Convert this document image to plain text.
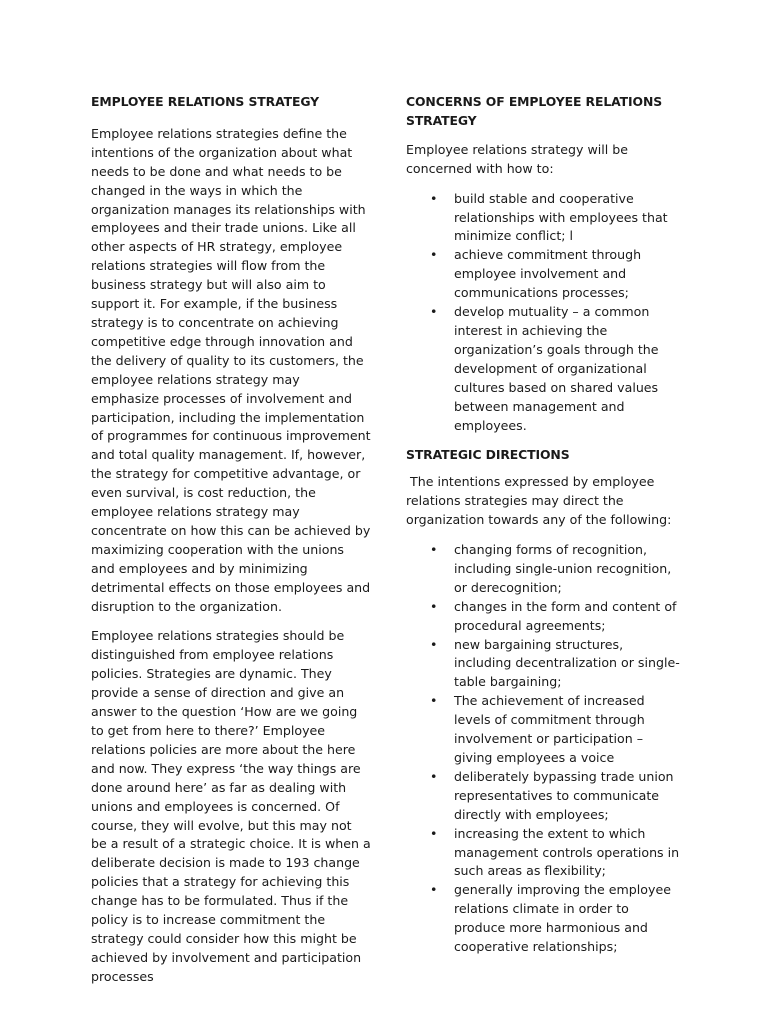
EMPLOYEE RELATIONS STRATEGY

Employee relations strategies define the intentions of the organization about what needs to be done and what needs to be changed in the ways in which the organization manages its relationships with employees and their trade unions. Like all other aspects of HR strategy, employee relations strategies will flow from the business strategy but will also aim to support it. For example, if the business strategy is to concentrate on achieving competitive edge through innovation and the delivery of quality to its customers, the employee relations strategy may emphasize processes of involvement and participation, including the implementation of programmes for continuous improvement and total quality management. If, however, the strategy for competitive advantage, or even survival, is cost reduction, the employee relations strategy may concentrate on how this can be achieved by maximizing cooperation with the unions and employees and by minimizing detrimental effects on those employees and disruption to the organization.

Employee relations strategies should be distinguished from employee relations policies. Strategies are dynamic. They provide a sense of direction and give an answer to the question ‘How are we going to get from here to there?’ Employee relations policies are more about the here and now. They express ‘the way things are done around here’ as far as dealing with unions and employees is concerned. Of course, they will evolve, but this may not be a result of a strategic choice. It is when a deliberate decision is made to 193 change policies that a strategy for achieving this change has to be formulated. Thus if the policy is to increase commitment the strategy could consider how this might be achieved by involvement and participation processes

CONCERNS OF EMPLOYEE RELATIONS STRATEGY

Employee relations strategy will be concerned with how to:

• build stable and cooperative relationships with employees that minimize conflict; l
• achieve commitment through employee involvement and communications processes;
• develop mutuality – a common interest in achieving the organization’s goals through the development of organizational cultures based on shared values between management and employees.
STRATEGIC DIRECTIONS

The intentions expressed by employee relations strategies may direct the organization towards any of the following:

• changing forms of recognition, including single-union recognition, or derecognition;
• changes in the form and content of procedural agreements;
• new bargaining structures, including decentralization or single-table bargaining;
• The achievement of increased levels of commitment through involvement or participation – giving employees a voice
• deliberately bypassing trade union representatives to communicate directly with employees;
• increasing the extent to which management controls operations in such areas as flexibility;
• generally improving the employee relations climate in order to produce more harmonious and cooperative relationships;
